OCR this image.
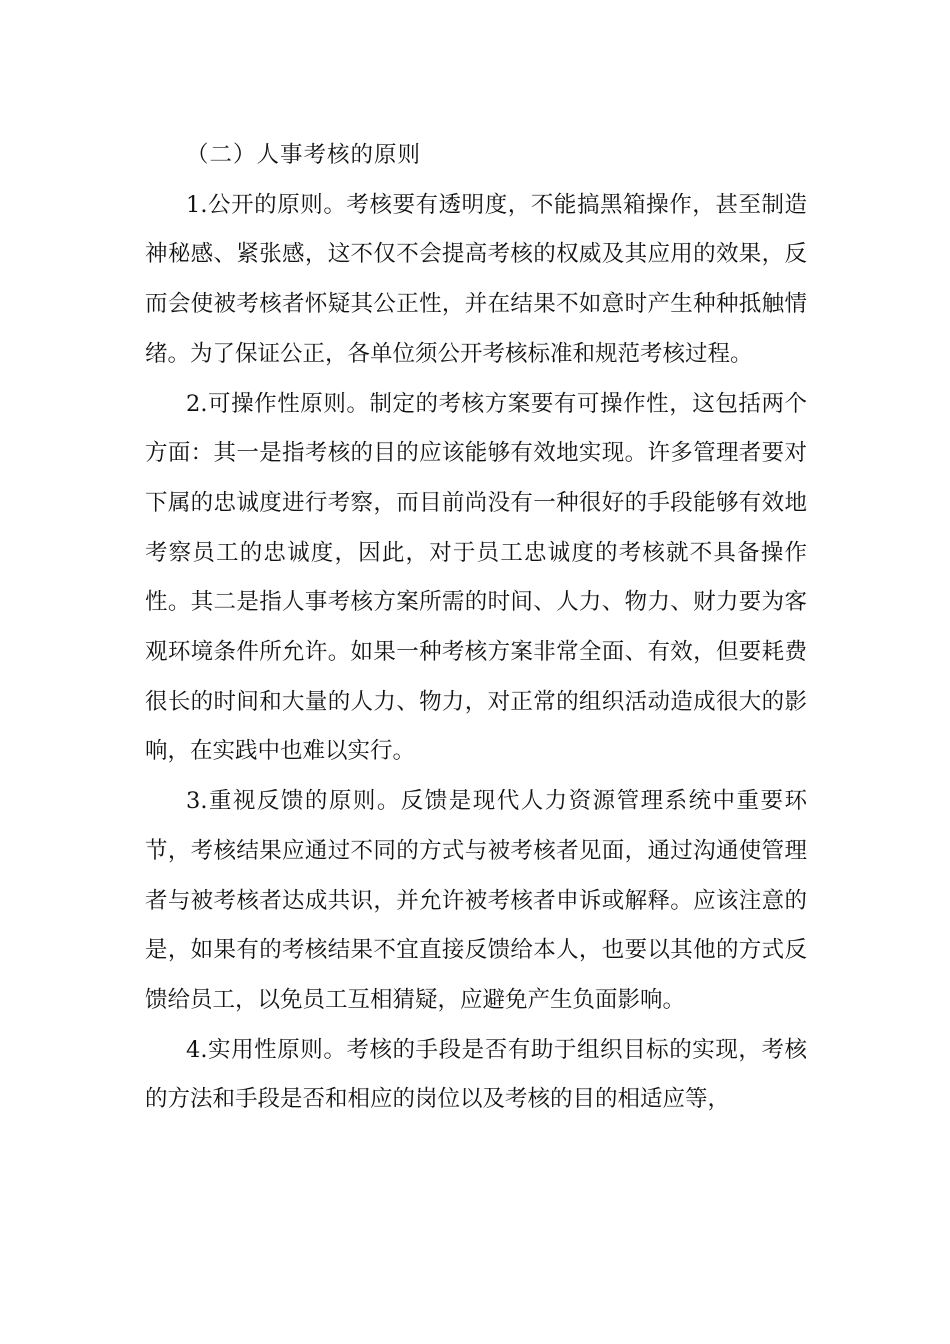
（二）人事考核的原则

1.公开的原则。考核要有透明度，不能搞黑箱操作，甚至制造神秘感、紧张感，这不仅不会提高考核的权威及其应用的效果，反而会使被考核者怀疑其公正性，并在结果不如意时产生种种抵触情绪。为了保证公正，各单位须公开考核标准和规范考核过程。

2.可操作性原则。制定的考核方案要有可操作性，这包括两个方面：其一是指考核的目的应该能够有效地实现。许多管理者要对下属的忠诚度进行考察，而目前尚没有一种很好的手段能够有效地考察员工的忠诚度，因此，对于员工忠诚度的考核就不具备操作性。其二是指人事考核方案所需的时间、人力、物力、财力要为客观环境条件所允许。如果一种考核方案非常全面、有效，但要耗费很长的时间和大量的人力、物力，对正常的组织活动造成很大的影响，在实践中也难以实行。

3.重视反馈的原则。反馈是现代人力资源管理系统中重要环节，考核结果应通过不同的方式与被考核者见面，通过沟通使管理者与被考核者达成共识，并允许被考核者申诉或解释。应该注意的是，如果有的考核结果不宜直接反馈给本人，也要以其他的方式反馈给员工，以免员工互相猜疑，应避免产生负面影响。

4.实用性原则。考核的手段是否有助于组织目标的实现，考核的方法和手段是否和相应的岗位以及考核的目的相适应等，
